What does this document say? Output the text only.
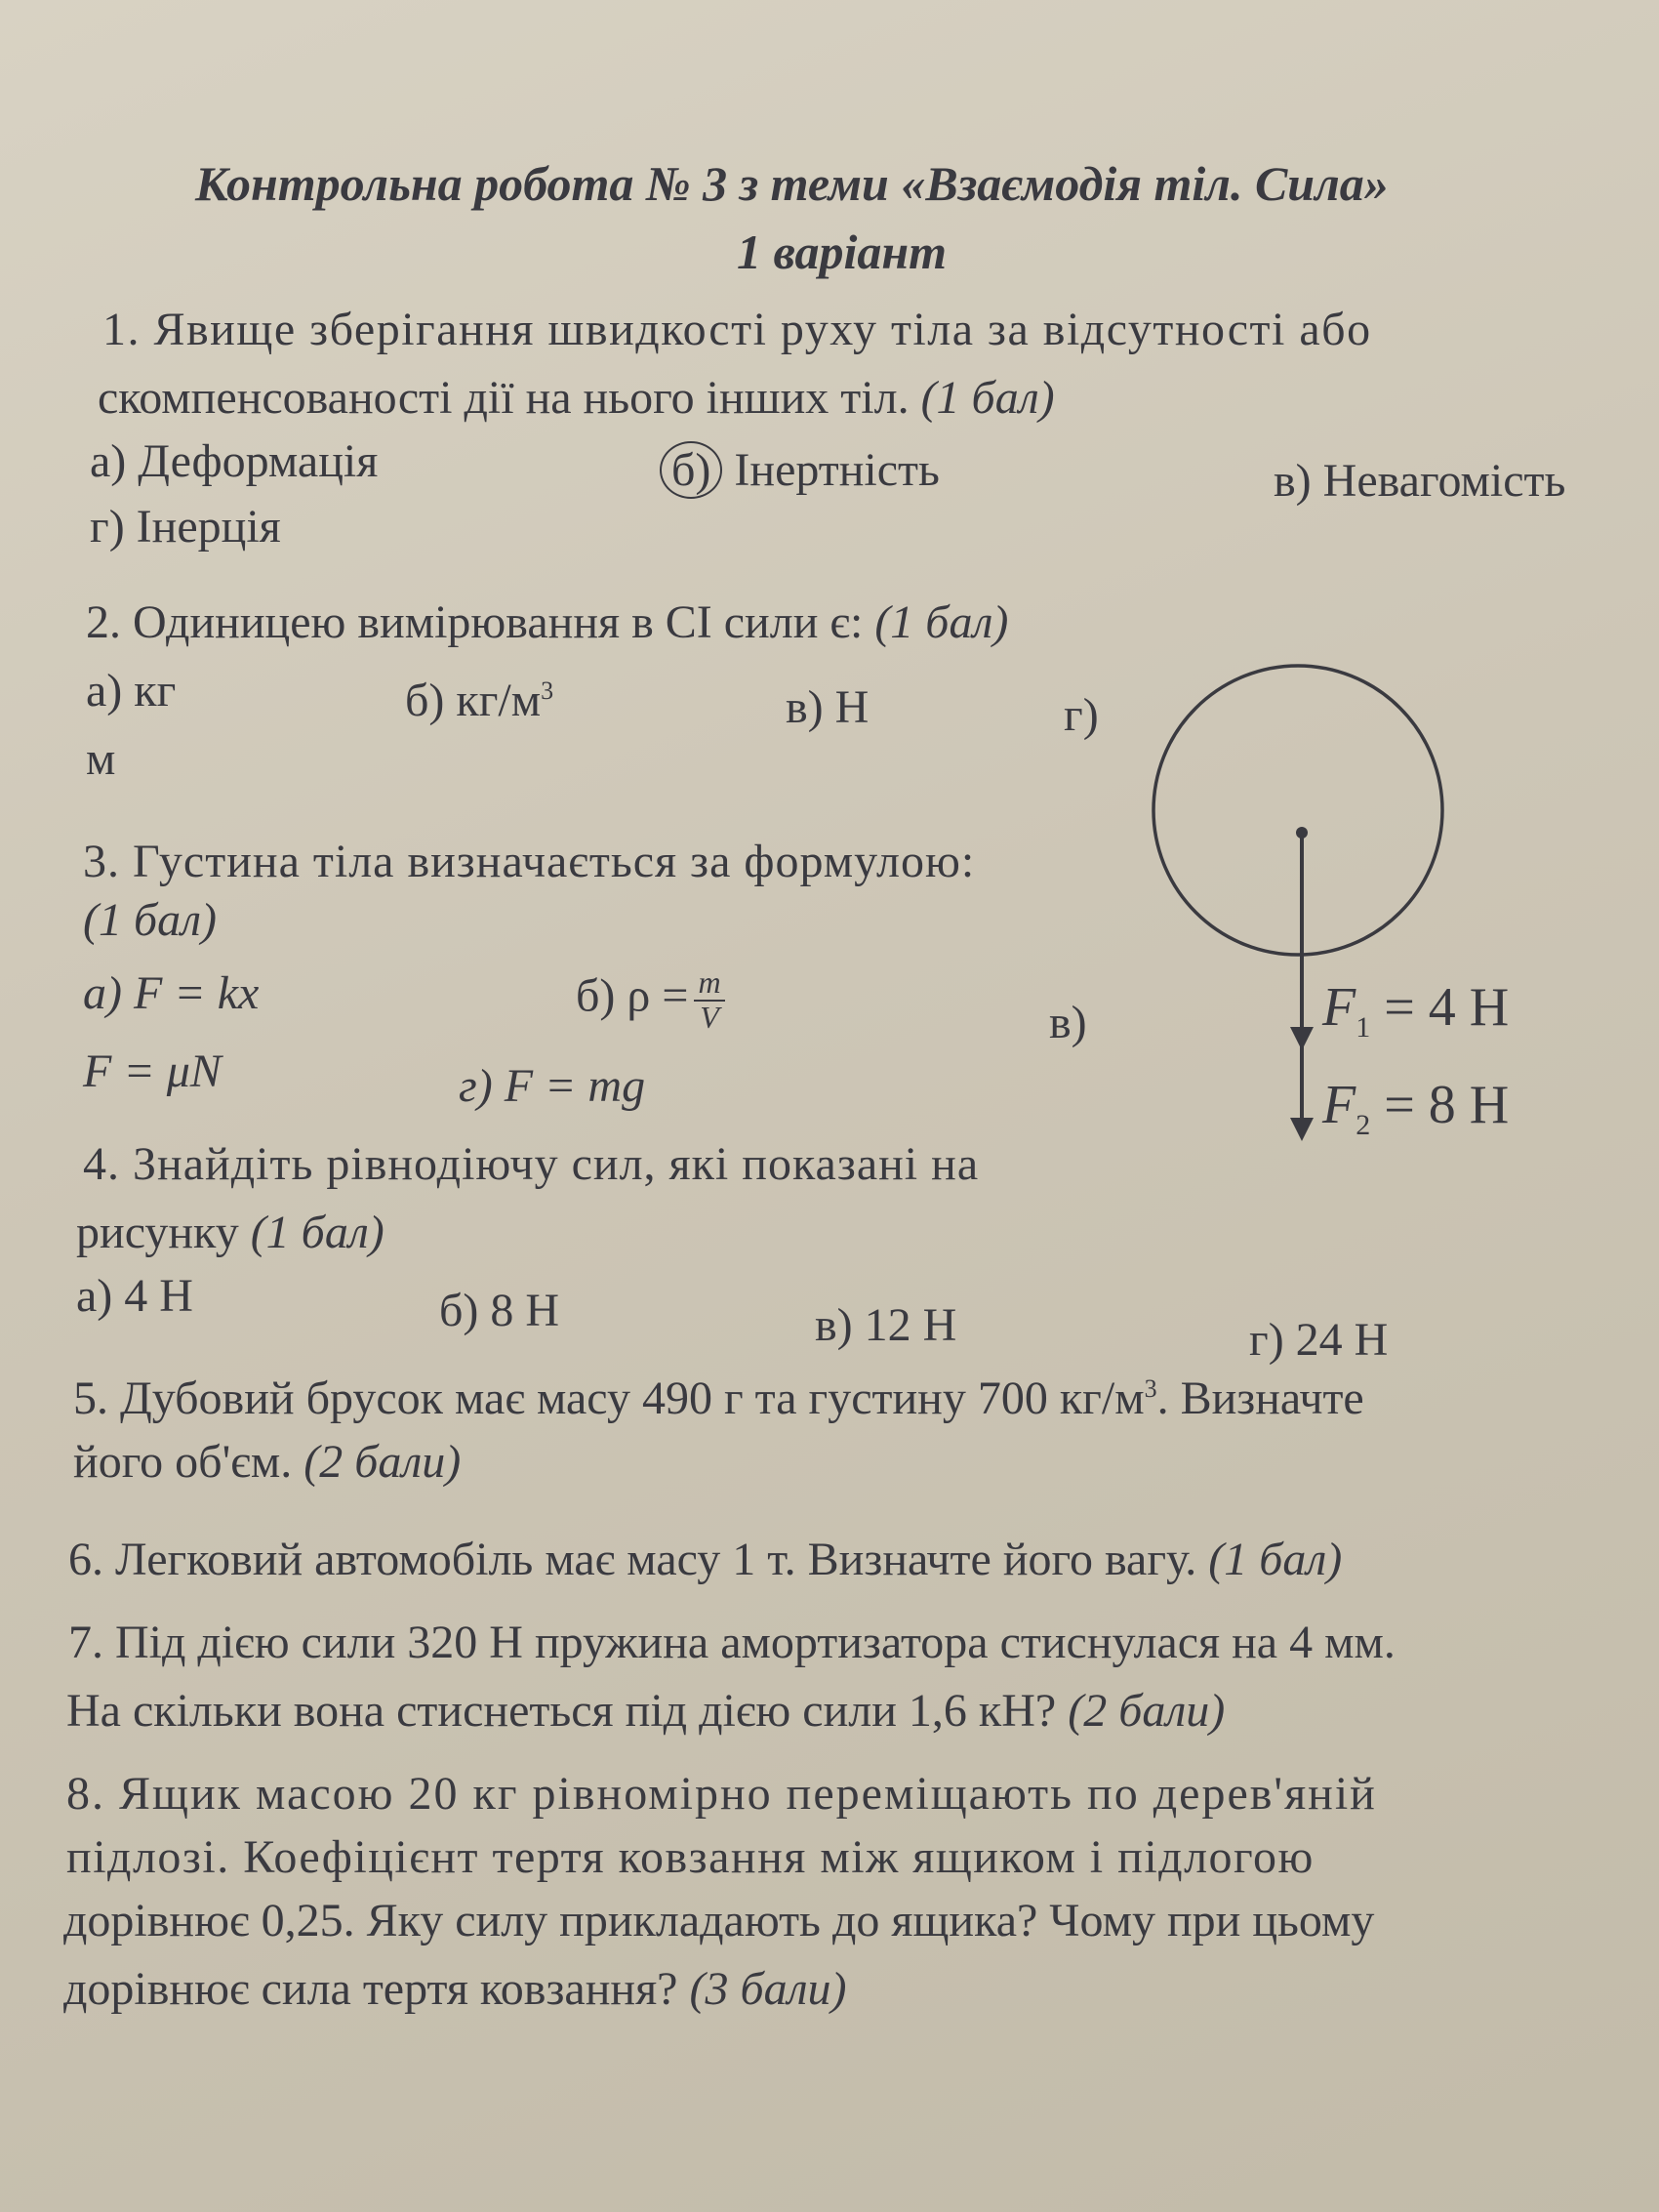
Контрольна робота № 3 з теми «Взаємодія тіл. Сила»
1 варіант
1. Явище зберігання швидкості руху тіла за відсутності або
скомпенсованості дії на нього інших тіл. (1 бал)
а) Деформація	б) Інертність	в) Невагомість
г) Інерція
2. Одиницею вимірювання в СІ сили є: (1 бал)
а) кг	б) $кг/м^3$	в) Н	г)
м
3. Густина тіла визначається за формулою:
(1 бал)
а) F = kx	б) $\rho = \frac{m}{V}$	в)
F = μN	г) F = mg
$F_1 = 4$ Н
$F_2 = 8$ Н
4. Знайдіть рівнодіючу сил, які показані на
рисунку (1 бал)
а) 4 Н	б) 8 Н	в) 12 Н	г) 24 Н
5. Дубовий брусок має масу 490 г та густину 700 $кг/м^3$. Визначте
його об'єм. (2 бали)
6. Легковий автомобіль має масу 1 т. Визначте його вагу. (1 бал)
7. Під дією сили 320 Н пружина амортизатора стиснулася на 4 мм.
На скільки вона стиснеться під дією сили 1,6 кН? (2 бали)
8. Ящик масою 20 кг рівномірно переміщають по дерев'яній
підлозі. Коефіцієнт тертя ковзання між ящиком і підлогою
дорівнює 0,25. Яку силу прикладають до ящика? Чому при цьому
дорівнює сила тертя ковзання? (3 бали)
